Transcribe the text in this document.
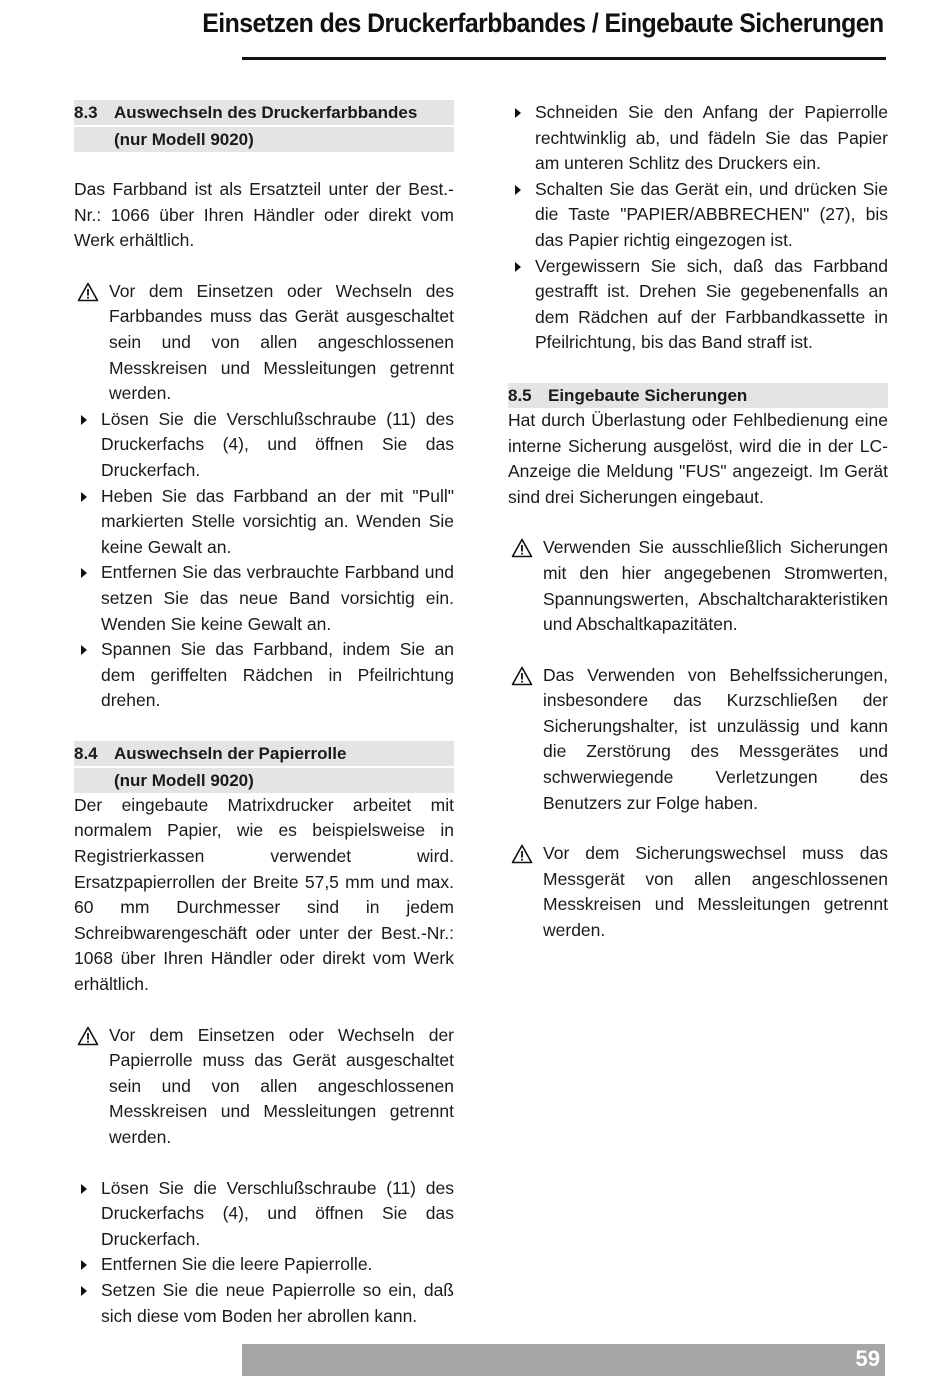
Einsetzen des Druckerfarbbandes / Eingebaute Sicherungen
8.3 Auswechseln des Druckerfarbbandes
(nur Modell 9020)

Das Farbband ist als Ersatzteil unter der Best.-Nr.: 1066 über Ihren Händler oder direkt vom Werk erhältlich.

Vor dem Einsetzen oder Wechseln des Farbbandes muss das Gerät ausgeschaltet sein und von allen angeschlossenen Messkreisen und Messleitungen getrennt werden.
Lösen Sie die Verschlußschraube (11) des Druckerfachs (4), und öffnen Sie das Druckerfach.
Heben Sie das Farbband an der mit "Pull" markierten Stelle vorsichtig an. Wenden Sie keine Gewalt an.
Entfernen Sie das verbrauchte Farbband und setzen Sie das neue Band vorsichtig ein. Wenden Sie keine Gewalt an.
Spannen Sie das Farbband, indem Sie an dem geriffelten Rädchen in Pfeilrichtung drehen.
8.4 Auswechseln der Papierrolle
(nur Modell 9020)

Der eingebaute Matrixdrucker arbeitet mit normalem Papier, wie es beispielsweise in Registrierkassen verwendet wird. Ersatzpapierrollen der Breite 57,5 mm und max. 60 mm Durchmesser sind in jedem Schreibwarengeschäft oder unter der Best.-Nr.: 1068 über Ihren Händler oder direkt vom Werk erhältlich.

Vor dem Einsetzen oder Wechseln der Papierrolle muss das Gerät ausgeschaltet sein und von allen angeschlossenen Messkreisen und Messleitungen getrennt werden.
Lösen Sie die Verschlußschraube (11) des Druckerfachs (4), und öffnen Sie das Druckerfach.
Entfernen Sie die leere Papierrolle.
Setzen Sie die neue Papierrolle so ein, daß sich diese vom Boden her abrollen kann.
Schneiden Sie den Anfang der Papierrolle rechtwinklig ab, und fädeln Sie das Papier am unteren Schlitz des Druckers ein.
Schalten Sie das Gerät ein, und drücken Sie die Taste "PAPIER/ABBRECHEN" (27), bis das Papier richtig eingezogen ist.
Vergewissern Sie sich, daß das Farbband gestrafft ist. Drehen Sie gegebenenfalls an dem Rädchen auf der Farbbandkassette in Pfeilrichtung, bis das Band straff ist.
8.5 Eingebaute Sicherungen

Hat durch Überlastung oder Fehlbedienung eine interne Sicherung ausgelöst, wird die in der LC-Anzeige die Meldung "FUS" angezeigt. Im Gerät sind drei Sicherungen eingebaut.

Verwenden Sie ausschließlich Sicherungen mit den hier angegebenen Stromwerten, Spannungswerten, Abschaltcharakteristiken und Abschaltkapazitäten.
Das Verwenden von Behelfssicherungen, insbesondere das Kurzschließen der Sicherungshalter, ist unzulässig und kann die Zerstörung des Messgerätes und schwerwiegende Verletzungen des Benutzers zur Folge haben.
Vor dem Sicherungswechsel muss das Messgerät von allen angeschlossenen Messkreisen und Messleitungen getrennt werden.
59
